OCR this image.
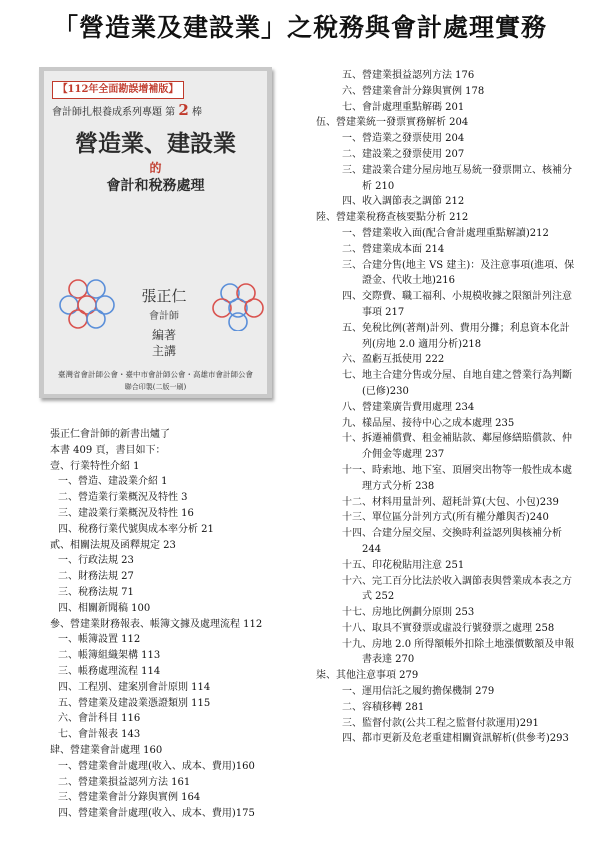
「營造業及建設業」之稅務與會計處理實務
【112年全面勘誤增補版】
會計師扎根養成系列專題 第 2 棒
營造業、建設業
的
會計和稅務處理
張正仁
會計師
編著
主講
臺灣省會計師公會・臺中市會計師公會・高雄市會計師公會
聯合印製(二版一刷)
張正仁會計師的新書出爐了
本書 409 頁，書目如下：
壹、行業特性介紹 1
一、營造、建設業介紹 1
二、營造業行業概況及特性 3
三、建設業行業概況及特性 16
四、稅務行業代號與成本率分析 21
貳、相關法規及函釋規定 23
一、行政法規 23
二、財務法規 27
三、稅務法規 71
四、相關新聞稿 100
參、營建業財務報表、帳簿文據及處理流程 112
一、帳簿設置 112
二、帳簿組織架構 113
三、帳務處理流程 114
四、工程別、建案別會計原則 114
五、營建業及建設業憑證類別 115
六、會計科目 116
七、會計報表 143
肆、營建業會計處理 160
一、營建業會計處理(收入、成本、費用)160
二、營建業損益認列方法 161
三、營建業會計分錄與實例 164
四、營建業會計處理(收入、成本、費用)175
五、營建業損益認列方法 176
六、營建業會計分錄與實例 178
七、會計處理重點解碼 201
伍、營建業統一發票實務解析 204
一、營造業之發票使用 204
二、建設業之發票使用 207
三、建設業合建分屋房地互易統一發票開立、核補分析 210
四、收入調節表之調節 212
陸、營建業稅務查核要點分析 212
一、營建業收入面(配合會計處理重點解讀)212
二、營建業成本面 214
三、合建分售(地主 VS 建主)：及注意事項(進項、保證金、代收土地)216
四、交際費、職工福利、小規模收據之限額計列注意事項 217
五、免稅比例(著劑)計列、費用分攤；利息資本化計列(房地 2.0 適用分析)218
六、盈虧互抵使用 222
七、地主合建分售或分屋、自地自建之營業行為判斷(已修)230
八、營建業廣告費用處理 234
九、樣品屋、接待中心之成本處理 235
十、拆遷補償費、租金補貼款、鄰屋修繕賠償款、仲介佣金等處理 237
十一、時索地、地下室、頂層突出物等一般性成本處理方式分析 238
十二、材料用量計列、超耗計算(大包、小包)239
十三、單位區分計列方式(所有權分離與否)240
十四、合建分屋交屋、交換時利益認列與核補分析 244
十五、印花稅貼用注意 251
十六、完工百分比法於收入調節表與營業成本表之方式 252
十七、房地比例劃分原則 253
十八、取具不實發票或虛設行號發票之處理 258
十九、房地 2.0 所得額帳外扣除土地漲價數額及申報書表達 270
柒、其他注意事項 279
一、運用信託之履約擔保機制 279
二、容積移轉 281
三、監督付款(公共工程之監督付款運用)291
四、都市更新及危老重建相關資訊解析(供參考)293
